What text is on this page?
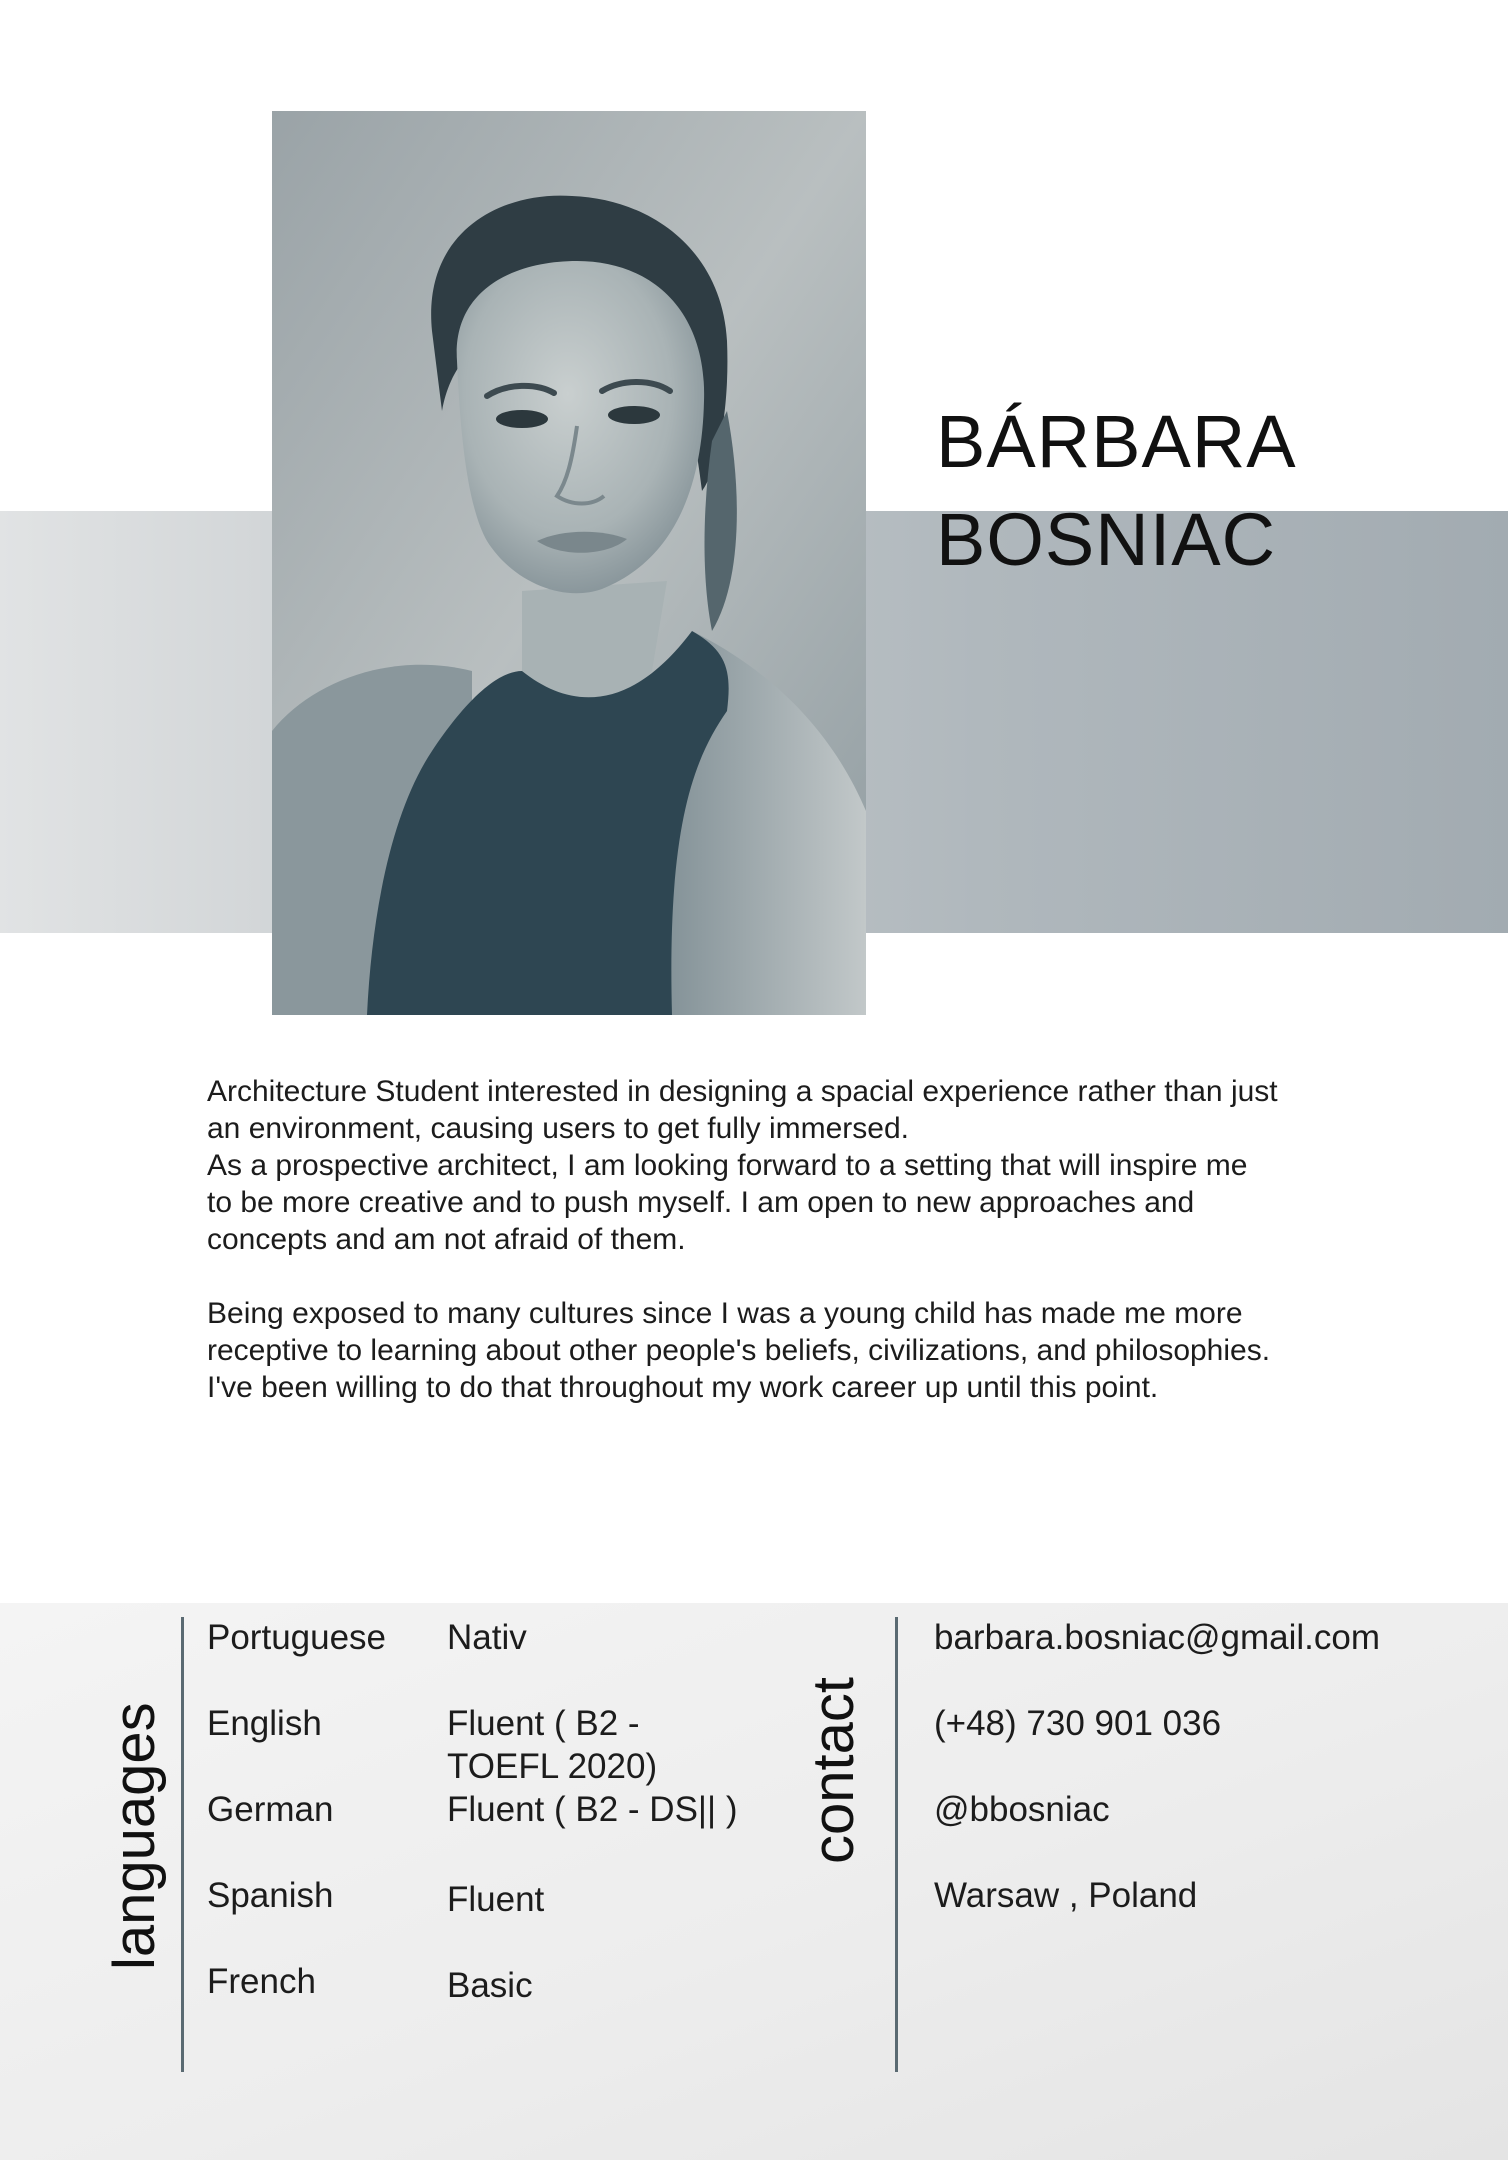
BÁRBARA
BOSNIAC

Architecture Student interested in designing a spacial experience rather than just
an environment, causing users to get fully immersed.
As a prospective architect, I am looking forward to a setting that will inspire me
to be more creative and to push myself. I am open to new approaches and
concepts and am not afraid of them.

Being exposed to many cultures since I was a young child has made me more
receptive to learning about other people's beliefs, civilizations, and philosophies.
I've been willing to do that throughout my work career up until this point.

languages
Portuguese Nativ
English	Fluent ( B2 -
TOEFL 2020)
German	Fluent ( B2 - DS|| )
Spanish	Fluent
French	Basic
contact
barbara.bosniac@gmail.com
(+48) 730 901 036
@bbosniac
Warsaw , Poland
